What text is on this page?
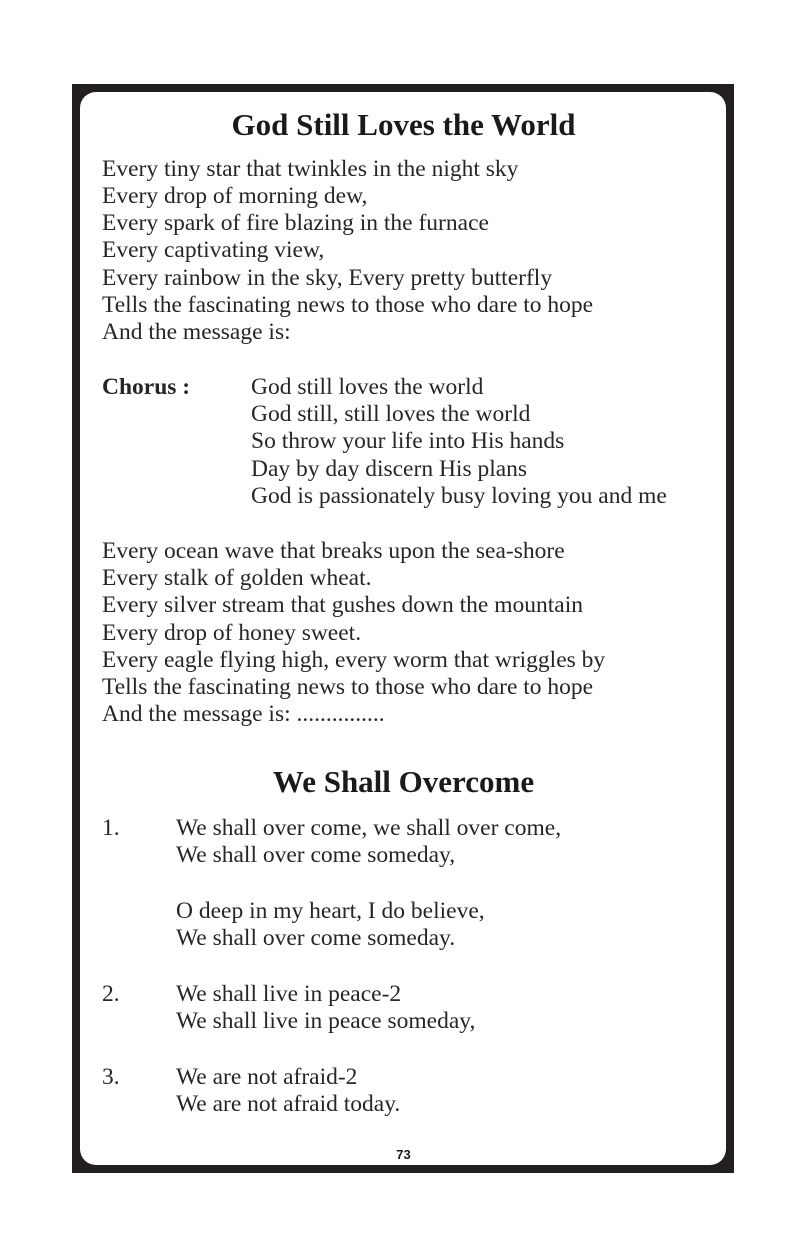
God Still Loves the World
Every tiny star that twinkles in the night sky
Every drop of morning dew,
Every spark of fire blazing in the furnace
Every captivating view,
Every rainbow in the sky, Every pretty butterfly
Tells the fascinating news to those who dare to hope
And the message is:
Chorus :	God still loves the world
God still, still loves the world
So throw your life into His hands
Day by day discern His plans
God is passionately busy loving you and me
Every ocean wave that breaks upon the sea-shore
Every stalk of golden wheat.
Every silver stream that gushes down the mountain
Every drop of honey sweet.
Every eagle flying high, every worm that wriggles by
Tells the fascinating news to those who dare to hope
And the message is: ...............
We Shall Overcome
1. We shall over come, we shall over come,
We shall over come someday,
O deep in my heart, I do believe,
We shall over come someday.
2. We shall live in peace-2
We shall live in peace someday,
3. We are not afraid-2
We are not afraid today.
73
